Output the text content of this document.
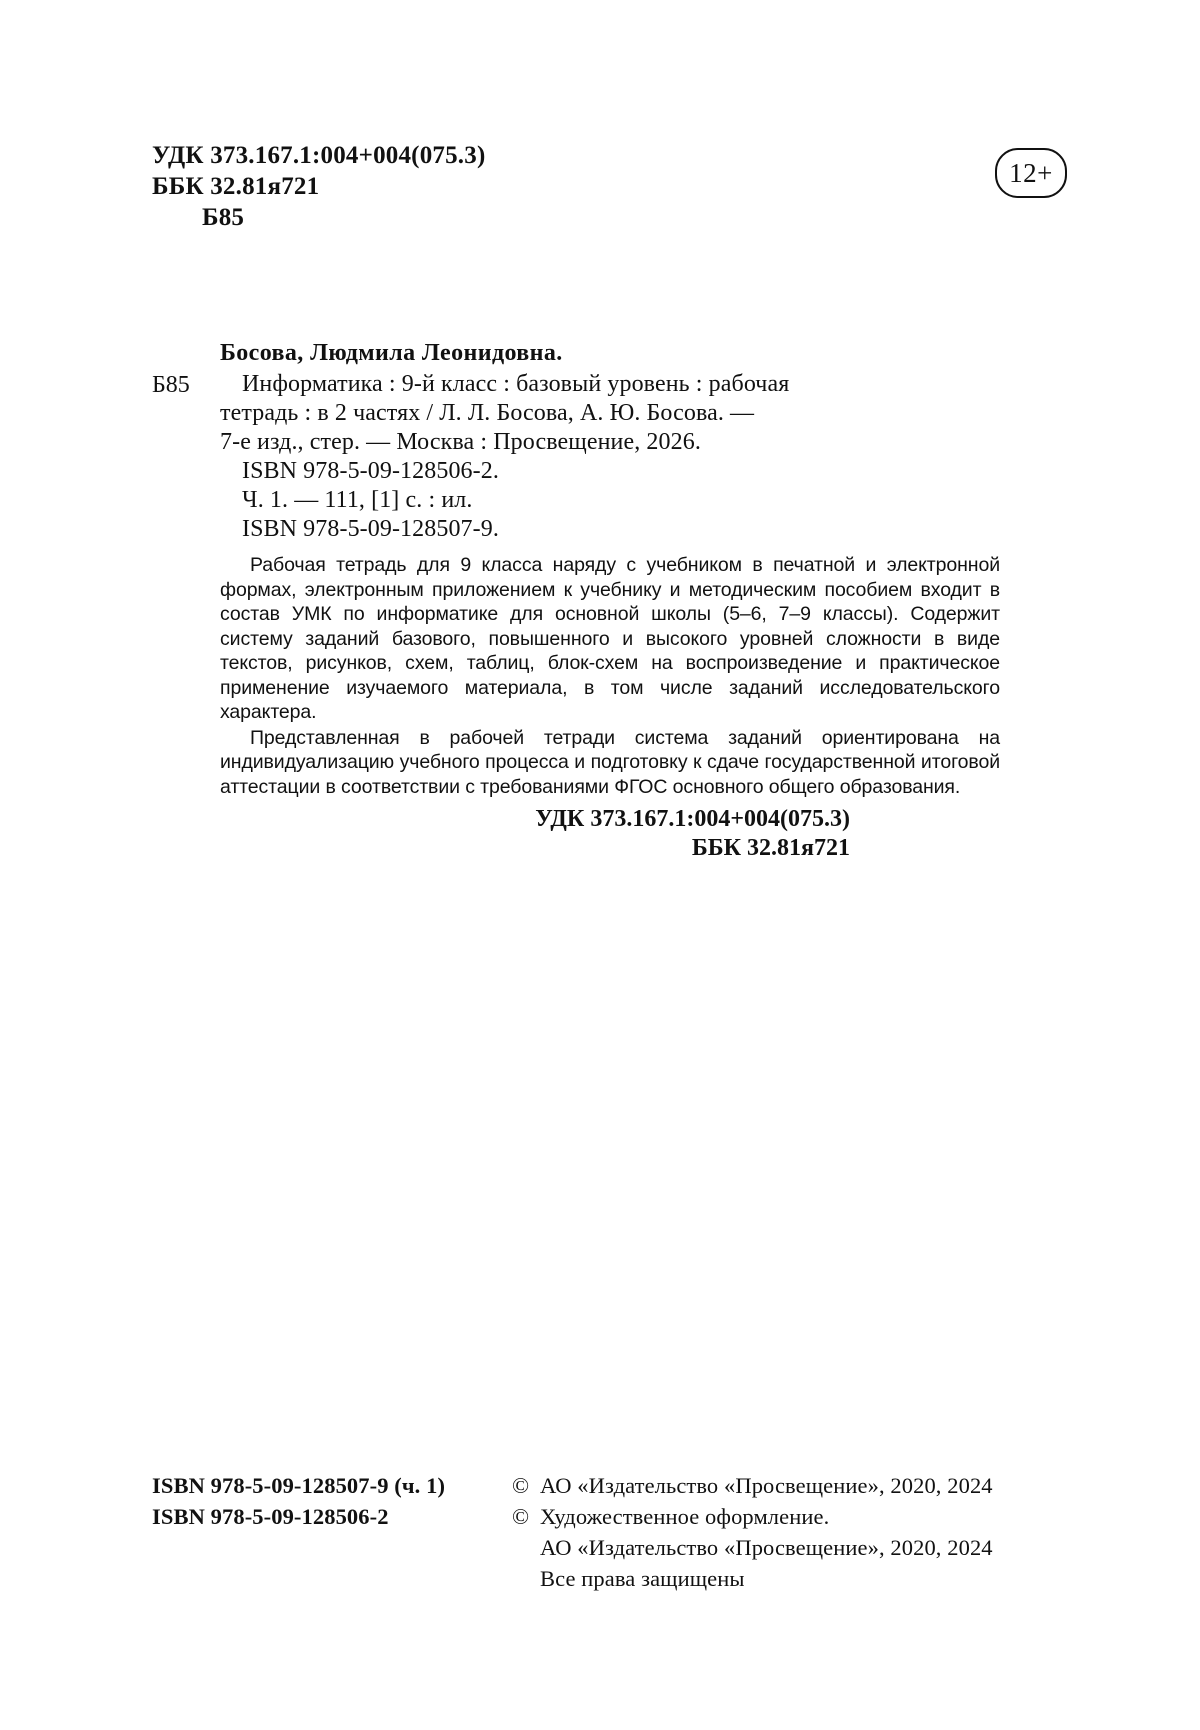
УДК 373.167.1:004+004(075.3)
ББК 32.81я721
Б85
12+
Босова, Людмила Леонидовна.
Б85 Информатика : 9-й класс : базовый уровень : рабочая
тетрадь : в 2 частях / Л. Л. Босова, А. Ю. Босова. —
7-е изд., стер. — Москва : Просвещение, 2026.
ISBN 978-5-09-128506-2.
Ч. 1. — 111, [1] с. : ил.
ISBN 978-5-09-128507-9.

Рабочая тетрадь для 9 класса наряду с учебником в печатной и электронной формах, электронным приложением к учебнику и методическим пособием входит в состав УМК по информатике для основной школы (5–6, 7–9 классы). Содержит систему заданий базового, повышенного и высокого уровней сложности в виде текстов, рисунков, схем, таблиц, блок-схем на воспроизведение и практическое применение изучаемого материала, в том числе заданий исследовательского характера.

Представленная в рабочей тетради система заданий ориентирована на индивидуализацию учебного процесса и подготовку к сдаче государственной итоговой аттестации в соответствии с требованиями ФГОС основного общего образования.

УДК 373.167.1:004+004(075.3)
ББК 32.81я721
ISBN 978-5-09-128507-9 (ч. 1)
ISBN 978-5-09-128506-2
© АО «Издательство «Просвещение», 2020, 2024
© Художественное оформление.
АО «Издательство «Просвещение», 2020, 2024
Все права защищены
